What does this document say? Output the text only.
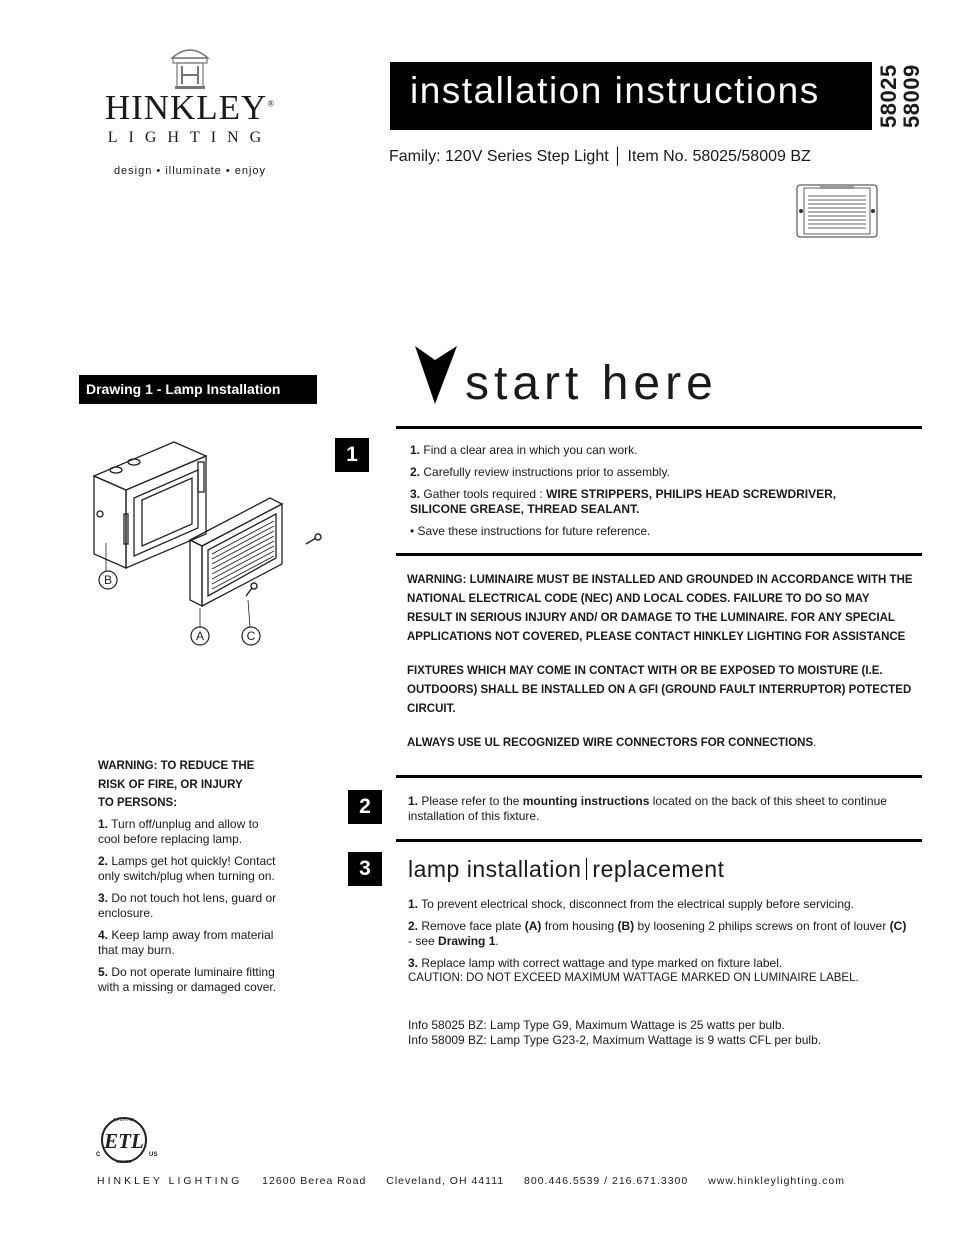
HINKLEY®
LIGHTING
design • illuminate • enjoy
installation instructions	58025
58009
Family: 120V Series Step Light │ Item No. 58025/58009 BZ
start here
Drawing 1 - Lamp Installation
B
A	C
1	1. Find a clear area in which you can work.

2. Carefully review instructions prior to assembly.

3. Gather tools required : WIRE STRIPPERS, PHILIPS HEAD SCREWDRIVER, SILICONE GREASE, THREAD SEALANT.

• Save these instructions for future reference.

WARNING: LUMINAIRE MUST BE INSTALLED AND GROUNDED IN ACCORDANCE WITH THE NATIONAL ELECTRICAL CODE (NEC) AND LOCAL CODES. FAILURE TO DO SO MAY RESULT IN SERIOUS INJURY AND/ OR DAMAGE TO THE LUMINAIRE. FOR ANY SPECIAL APPLICATIONS NOT COVERED, PLEASE CONTACT HINKLEY LIGHTING FOR ASSISTANCE

FIXTURES WHICH MAY COME IN CONTACT WITH OR BE EXPOSED TO MOISTURE (I.E. OUTDOORS) SHALL BE INSTALLED ON A GFI (GROUND FAULT INTERRUPTOR) POTECTED CIRCUIT.

ALWAYS USE UL RECOGNIZED WIRE CONNECTORS FOR CONNECTIONS.

2	1. Please refer to the mounting instructions located on the back of this sheet to continue installation of this fixture.

3	lamp installation replacement

1. To prevent electrical shock, disconnect from the electrical supply before servicing.

2. Remove face plate (A) from housing (B) by loosening 2 philips screws on front of louver (C) - see Drawing 1.

3. Replace lamp with correct wattage and type marked on fixture label.

CAUTION: DO NOT EXCEED MAXIMUM WATTAGE MARKED ON LUMINAIRE LABEL.

Info 58025 BZ: Lamp Type G9, Maximum Wattage is 25 watts per bulb.
Info 58009 BZ: Lamp Type G23-2, Maximum Wattage is 9 watts CFL per bulb.
WARNING: TO REDUCE THE
RISK OF FIRE, OR INJURY
TO PERSONS:

1. Turn off/unplug and allow to cool before replacing lamp.

2. Lamps get hot quickly! Contact only switch/plug when turning on.

3. Do not touch hot lens, guard or enclosure.

4. Keep lamp away from material that may burn.

5. Do not operate luminaire fitting with a missing or damaged cover.

ETL
INTERTEK
LISTED
C	US
HINKLEY LIGHTING 12600 Berea Road Cleveland, OH 44111 800.446.5539 / 216.671.3300 www.hinkleylighting.com
